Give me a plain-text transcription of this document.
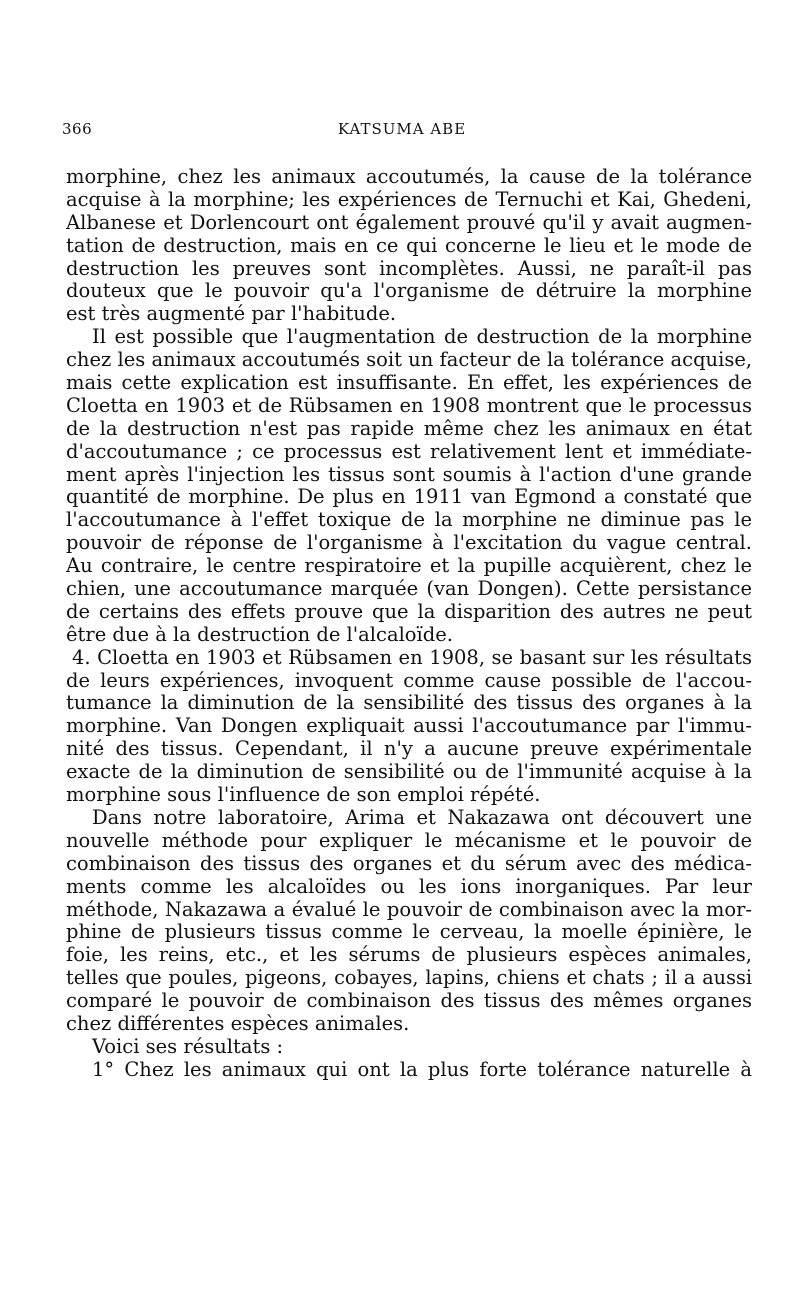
366	KATSUMA ABE
morphine, chez les animaux accoutumés, la cause de la tolérance
acquise à la morphine; les expériences de Ternuchi et Kai, Ghedeni,
Albanese et Dorlencourt ont également prouvé qu'il y avait augmen-
tation de destruction, mais en ce qui concerne le lieu et le mode de
destruction les preuves sont incomplètes. Aussi, ne paraît-il pas
douteux que le pouvoir qu'a l'organisme de détruire la morphine
est très augmenté par l'habitude.
Il est possible que l'augmentation de destruction de la morphine
chez les animaux accoutumés soit un facteur de la tolérance acquise,
mais cette explication est insuffisante. En effet, les expériences de
Cloetta en 1903 et de Rübsamen en 1908 montrent que le processus
de la destruction n'est pas rapide même chez les animaux en état
d'accoutumance ; ce processus est relativement lent et immédiate-
ment après l'injection les tissus sont soumis à l'action d'une grande
quantité de morphine. De plus en 1911 van Egmond a constaté que
l'accoutumance à l'effet toxique de la morphine ne diminue pas le
pouvoir de réponse de l'organisme à l'excitation du vague central.
Au contraire, le centre respiratoire et la pupille acquièrent, chez le
chien, une accoutumance marquée (van Dongen). Cette persistance
de certains des effets prouve que la disparition des autres ne peut
être due à la destruction de l'alcaloïde.
4. Cloetta en 1903 et Rübsamen en 1908, se basant sur les résultats
de leurs expériences, invoquent comme cause possible de l'accou-
tumance la diminution de la sensibilité des tissus des organes à la
morphine. Van Dongen expliquait aussi l'accoutumance par l'immu-
nité des tissus. Cependant, il n'y a aucune preuve expérimentale
exacte de la diminution de sensibilité ou de l'immunité acquise à la
morphine sous l'influence de son emploi répété.
Dans notre laboratoire, Arima et Nakazawa ont découvert une
nouvelle méthode pour expliquer le mécanisme et le pouvoir de
combinaison des tissus des organes et du sérum avec des médica-
ments comme les alcaloïdes ou les ions inorganiques. Par leur
méthode, Nakazawa a évalué le pouvoir de combinaison avec la mor-
phine de plusieurs tissus comme le cerveau, la moelle épinière, le
foie, les reins, etc., et les sérums de plusieurs espèces animales,
telles que poules, pigeons, cobayes, lapins, chiens et chats ; il a aussi
comparé le pouvoir de combinaison des tissus des mêmes organes
chez différentes espèces animales.
Voici ses résultats :
1° Chez les animaux qui ont la plus forte tolérance naturelle à
